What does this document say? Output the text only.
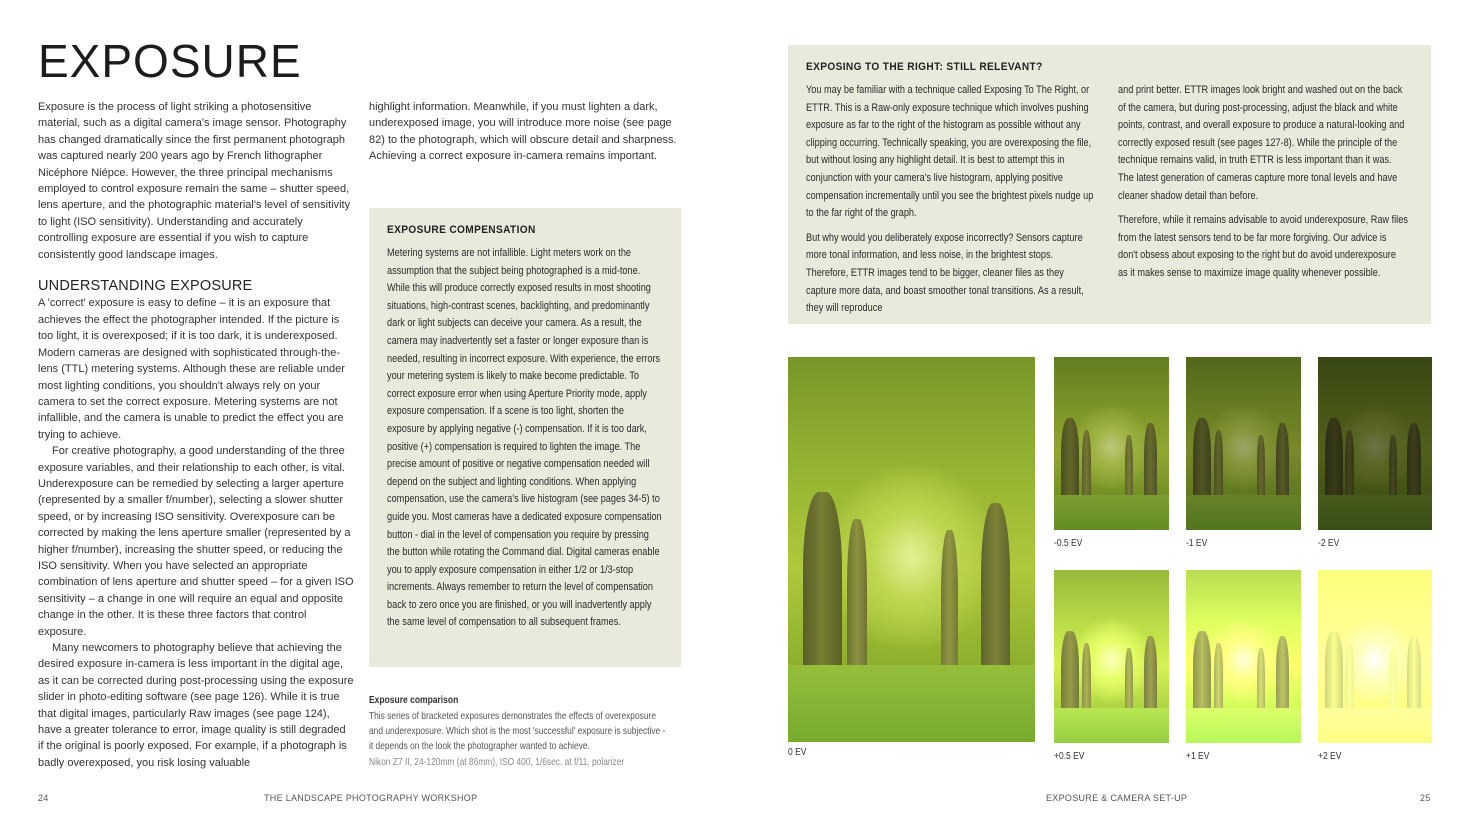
EXPOSURE

Exposure is the process of light striking a photosensitive material, such as a digital camera's image sensor. Photography has changed dramatically since the first permanent photograph was captured nearly 200 years ago by French lithographer Nicéphore Niépce. However, the three principal mechanisms employed to control exposure remain the same – shutter speed, lens aperture, and the photographic material's level of sensitivity to light (ISO sensitivity). Understanding and accurately controlling exposure are essential if you wish to capture consistently good landscape images.

UNDERSTANDING EXPOSURE

A 'correct' exposure is easy to define – it is an exposure that achieves the effect the photographer intended. If the picture is too light, it is overexposed; if it is too dark, it is underexposed. Modern cameras are designed with sophisticated through-the-lens (TTL) metering systems. Although these are reliable under most lighting conditions, you shouldn't always rely on your camera to set the correct exposure. Metering systems are not infallible, and the camera is unable to predict the effect you are trying to achieve.

For creative photography, a good understanding of the three exposure variables, and their relationship to each other, is vital. Underexposure can be remedied by selecting a larger aperture (represented by a smaller f/number), selecting a slower shutter speed, or by increasing ISO sensitivity. Overexposure can be corrected by making the lens aperture smaller (represented by a higher f/number), increasing the shutter speed, or reducing the ISO sensitivity. When you have selected an appropriate combination of lens aperture and shutter speed – for a given ISO sensitivity – a change in one will require an equal and opposite change in the other. It is these three factors that control exposure.

Many newcomers to photography believe that achieving the desired exposure in-camera is less important in the digital age, as it can be corrected during post-processing using the exposure slider in photo-editing software (see page 126). While it is true that digital images, particularly Raw images (see page 124), have a greater tolerance to error, image quality is still degraded if the original is poorly exposed. For example, if a photograph is badly overexposed, you risk losing valuable

highlight information. Meanwhile, if you must lighten a dark, underexposed image, you will introduce more noise (see page 82) to the photograph, which will obscure detail and sharpness. Achieving a correct exposure in-camera remains important.

EXPOSURE COMPENSATION

Metering systems are not infallible. Light meters work on the assumption that the subject being photographed is a mid-tone. While this will produce correctly exposed results in most shooting situations, high-contrast scenes, backlighting, and predominantly dark or light subjects can deceive your camera. As a result, the camera may inadvertently set a faster or longer exposure than is needed, resulting in incorrect exposure. With experience, the errors your metering system is likely to make become predictable. To correct exposure error when using Aperture Priority mode, apply exposure compensation. If a scene is too light, shorten the exposure by applying negative (-) compensation. If it is too dark, positive (+) compensation is required to lighten the image. The precise amount of positive or negative compensation needed will depend on the subject and lighting conditions. When applying compensation, use the camera's live histogram (see pages 34-5) to guide you. Most cameras have a dedicated exposure compensation button - dial in the level of compensation you require by pressing the button while rotating the Command dial. Digital cameras enable you to apply exposure compensation in either 1/2 or 1/3-stop increments. Always remember to return the level of compensation back to zero once you are finished, or you will inadvertently apply the same level of compensation to all subsequent frames.

Exposure comparison
This series of bracketed exposures demonstrates the effects of overexposure and underexposure. Which shot is the most 'successful' exposure is subjective - it depends on the look the photographer wanted to achieve.
Nikon Z7 II, 24-120mm (at 86mm), ISO 400, 1/6sec. at f/11, polarizer
EXPOSING TO THE RIGHT: STILL RELEVANT?

You may be familiar with a technique called Exposing To The Right, or ETTR. This is a Raw-only exposure technique which involves pushing exposure as far to the right of the histogram as possible without any clipping occurring. Technically speaking, you are overexposing the file, but without losing any highlight detail. It is best to attempt this in conjunction with your camera's live histogram, applying positive compensation incrementally until you see the brightest pixels nudge up to the far right of the graph.

But why would you deliberately expose incorrectly? Sensors capture more tonal information, and less noise, in the brightest stops. Therefore, ETTR images tend to be bigger, cleaner files as they capture more data, and boast smoother tonal transitions. As a result, they will reproduce

and print better. ETTR images look bright and washed out on the back of the camera, but during post-processing, adjust the black and white points, contrast, and overall exposure to produce a natural-looking and correctly exposed result (see pages 127-8). While the principle of the technique remains valid, in truth ETTR is less important than it was. The latest generation of cameras capture more tonal levels and have cleaner shadow detail than before.

Therefore, while it remains advisable to avoid underexposure, Raw files from the latest sensors tend to be far more forgiving. Our advice is don't obsess about exposing to the right but do avoid underexposure as it makes sense to maximize image quality whenever possible.

0 EV
-0.5 EV	-1 EV	-2 EV
+0.5 EV	+1 EV	+2 EV
24	THE LANDSCAPE PHOTOGRAPHY WORKSHOP	EXPOSURE & CAMERA SET-UP	25
